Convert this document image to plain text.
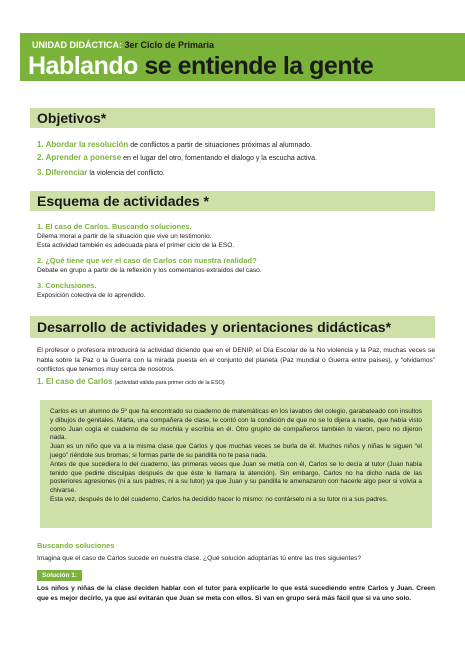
UNIDAD DIDÁCTICA: 3er Ciclo de Primaria
Hablando se entiende la gente
Objetivos*
1. Abordar la resolución de conflictos a partir de situaciones próximas al alumnado.
2. Aprender a ponerse en el lugar del otro, fomentando el dialogo y la escucha activa.
3. Diferenciar la violencia del conflicto.
Esquema de actividades *
1. El caso de Carlos. Buscando soluciones.
Dilema moral a partir de la situación que vive un testimonio.
Esta actividad también es adecuada para el primer ciclo de la ESO.
2. ¿Qué tiene que ver el caso de Carlos con nuestra realidad?
Debate en grupo a partir de la reflexión y los comentarios extraídos del caso.
3. Conclusiones.
Exposición colectiva de lo aprendido.
Desarrollo de actividades y orientaciones didácticas*
El profesor o profesora introducirá la actividad diciendo que en el DENIP, el Día Escolar de la No violencia y la Paz, muchas veces se habla sobre la Paz o la Guerra con la mirada puesta en el conjunto del planeta (Paz mundial o Guerra entre países), y “olvidamos” conflictos que tenemos muy cerca de nosotros.
1. El caso de Carlos (actividad válida para primer ciclo de la ESO)

Carlos es un alumno de 5º que ha encontrado su cuaderno de matemáticas en los lavabos del colegio, garabateado con insultos y dibujos de genitales. Marta, una compañera de clase, le contó con la condición de que no se lo dijera a nadie, que había visto como Juan cogía el cuaderno de su mochila y escribía en él. Otro grupito de compañeros también lo vieron, pero no dijeron nada.

Juan es un niño que va a la misma clase que Carlos y que muchas veces se burla de él. Muchos niños y niñas le siguen “el juego” riéndole sus bromas; si formas parte de su pandilla no te pasa nada.

Antes de que sucediera lo del cuaderno, las primeras veces que Juan se metía con él, Carlos se lo decía al tutor (Juan había tenido que pedirle disculpas después de que éste le llamara la atención). Sin embargo, Carlos no ha dicho nada de las posteriores agresiones (ni a sus padres, ni a su tutor) ya que Juan y su pandilla le amenazaron con hacerle algo peor si volvía a chivarse.

Esta vez, después de lo del cuaderno, Carlos ha decidido hacer lo mismo: no contárselo ni a su tutor ni a sus padres.

Buscando soluciones
Imagina que el caso de Carlos sucede en nuestra clase. ¿Qué solución adoptarías tú entre las tres siguientes?
Solución 1:
Los niños y niñas de la clase deciden hablar con el tutor para explicarle lo que está sucediendo entre Carlos y Juan. Creen que es mejor decirlo, ya que así evitarán que Juan se meta con ellos. Si van en grupo será más fácil que si va uno solo.
